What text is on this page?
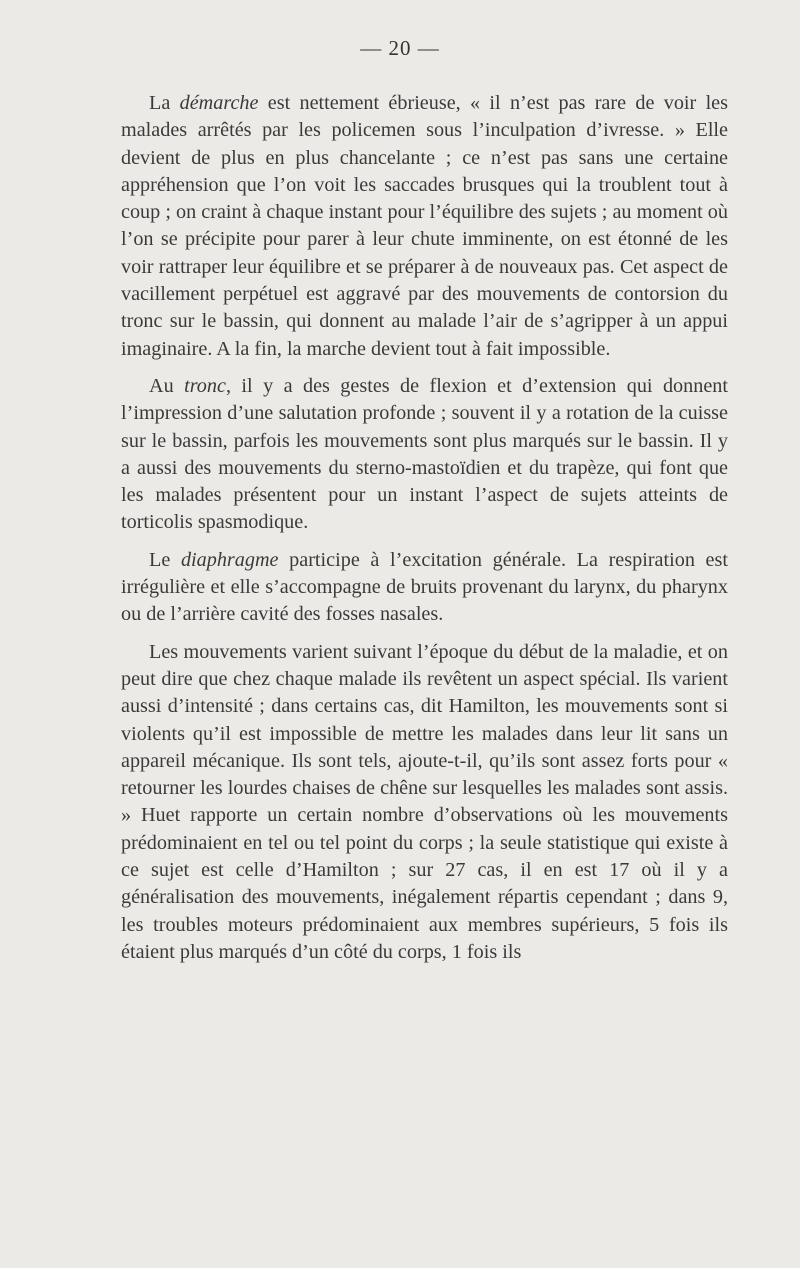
— 20 —

La démarche est nettement ébrieuse, « il n’est pas rare de voir les malades arrêtés par les policemen sous l’inculpation d’ivresse. » Elle devient de plus en plus chancelante ; ce n’est pas sans une certaine appréhension que l’on voit les saccades brusques qui la troublent tout à coup ; on craint à chaque instant pour l’équilibre des sujets ; au moment où l’on se précipite pour parer à leur chute imminente, on est étonné de les voir rattraper leur équilibre et se préparer à de nouveaux pas. Cet aspect de vacillement perpétuel est aggravé par des mouvements de contorsion du tronc sur le bassin, qui donnent au malade l’air de s’agripper à un appui imaginaire. A la fin, la marche devient tout à fait impossible.

Au tronc, il y a des gestes de flexion et d’extension qui donnent l’impression d’une salutation profonde ; souvent il y a rotation de la cuisse sur le bassin, parfois les mouvements sont plus marqués sur le bassin. Il y a aussi des mouvements du sterno-mastoïdien et du trapèze, qui font que les malades présentent pour un instant l’aspect de sujets atteints de torticolis spasmodique.

Le diaphragme participe à l’excitation générale. La respiration est irrégulière et elle s’accompagne de bruits provenant du larynx, du pharynx ou de l’arrière cavité des fosses nasales.

Les mouvements varient suivant l’époque du début de la maladie, et on peut dire que chez chaque malade ils revêtent un aspect spécial. Ils varient aussi d’intensité ; dans certains cas, dit Hamilton, les mouvements sont si violents qu’il est impossible de mettre les malades dans leur lit sans un appareil mécanique. Ils sont tels, ajoute-t-il, qu’ils sont assez forts pour « retourner les lourdes chaises de chêne sur lesquelles les malades sont assis. » Huet rapporte un certain nombre d’observations où les mouvements prédominaient en tel ou tel point du corps ; la seule statistique qui existe à ce sujet est celle d’Hamilton ; sur 27 cas, il en est 17 où il y a généralisation des mouvements, inégalement répartis cependant ; dans 9, les troubles moteurs prédominaient aux membres supérieurs, 5 fois ils étaient plus marqués d’un côté du corps, 1 fois ils
